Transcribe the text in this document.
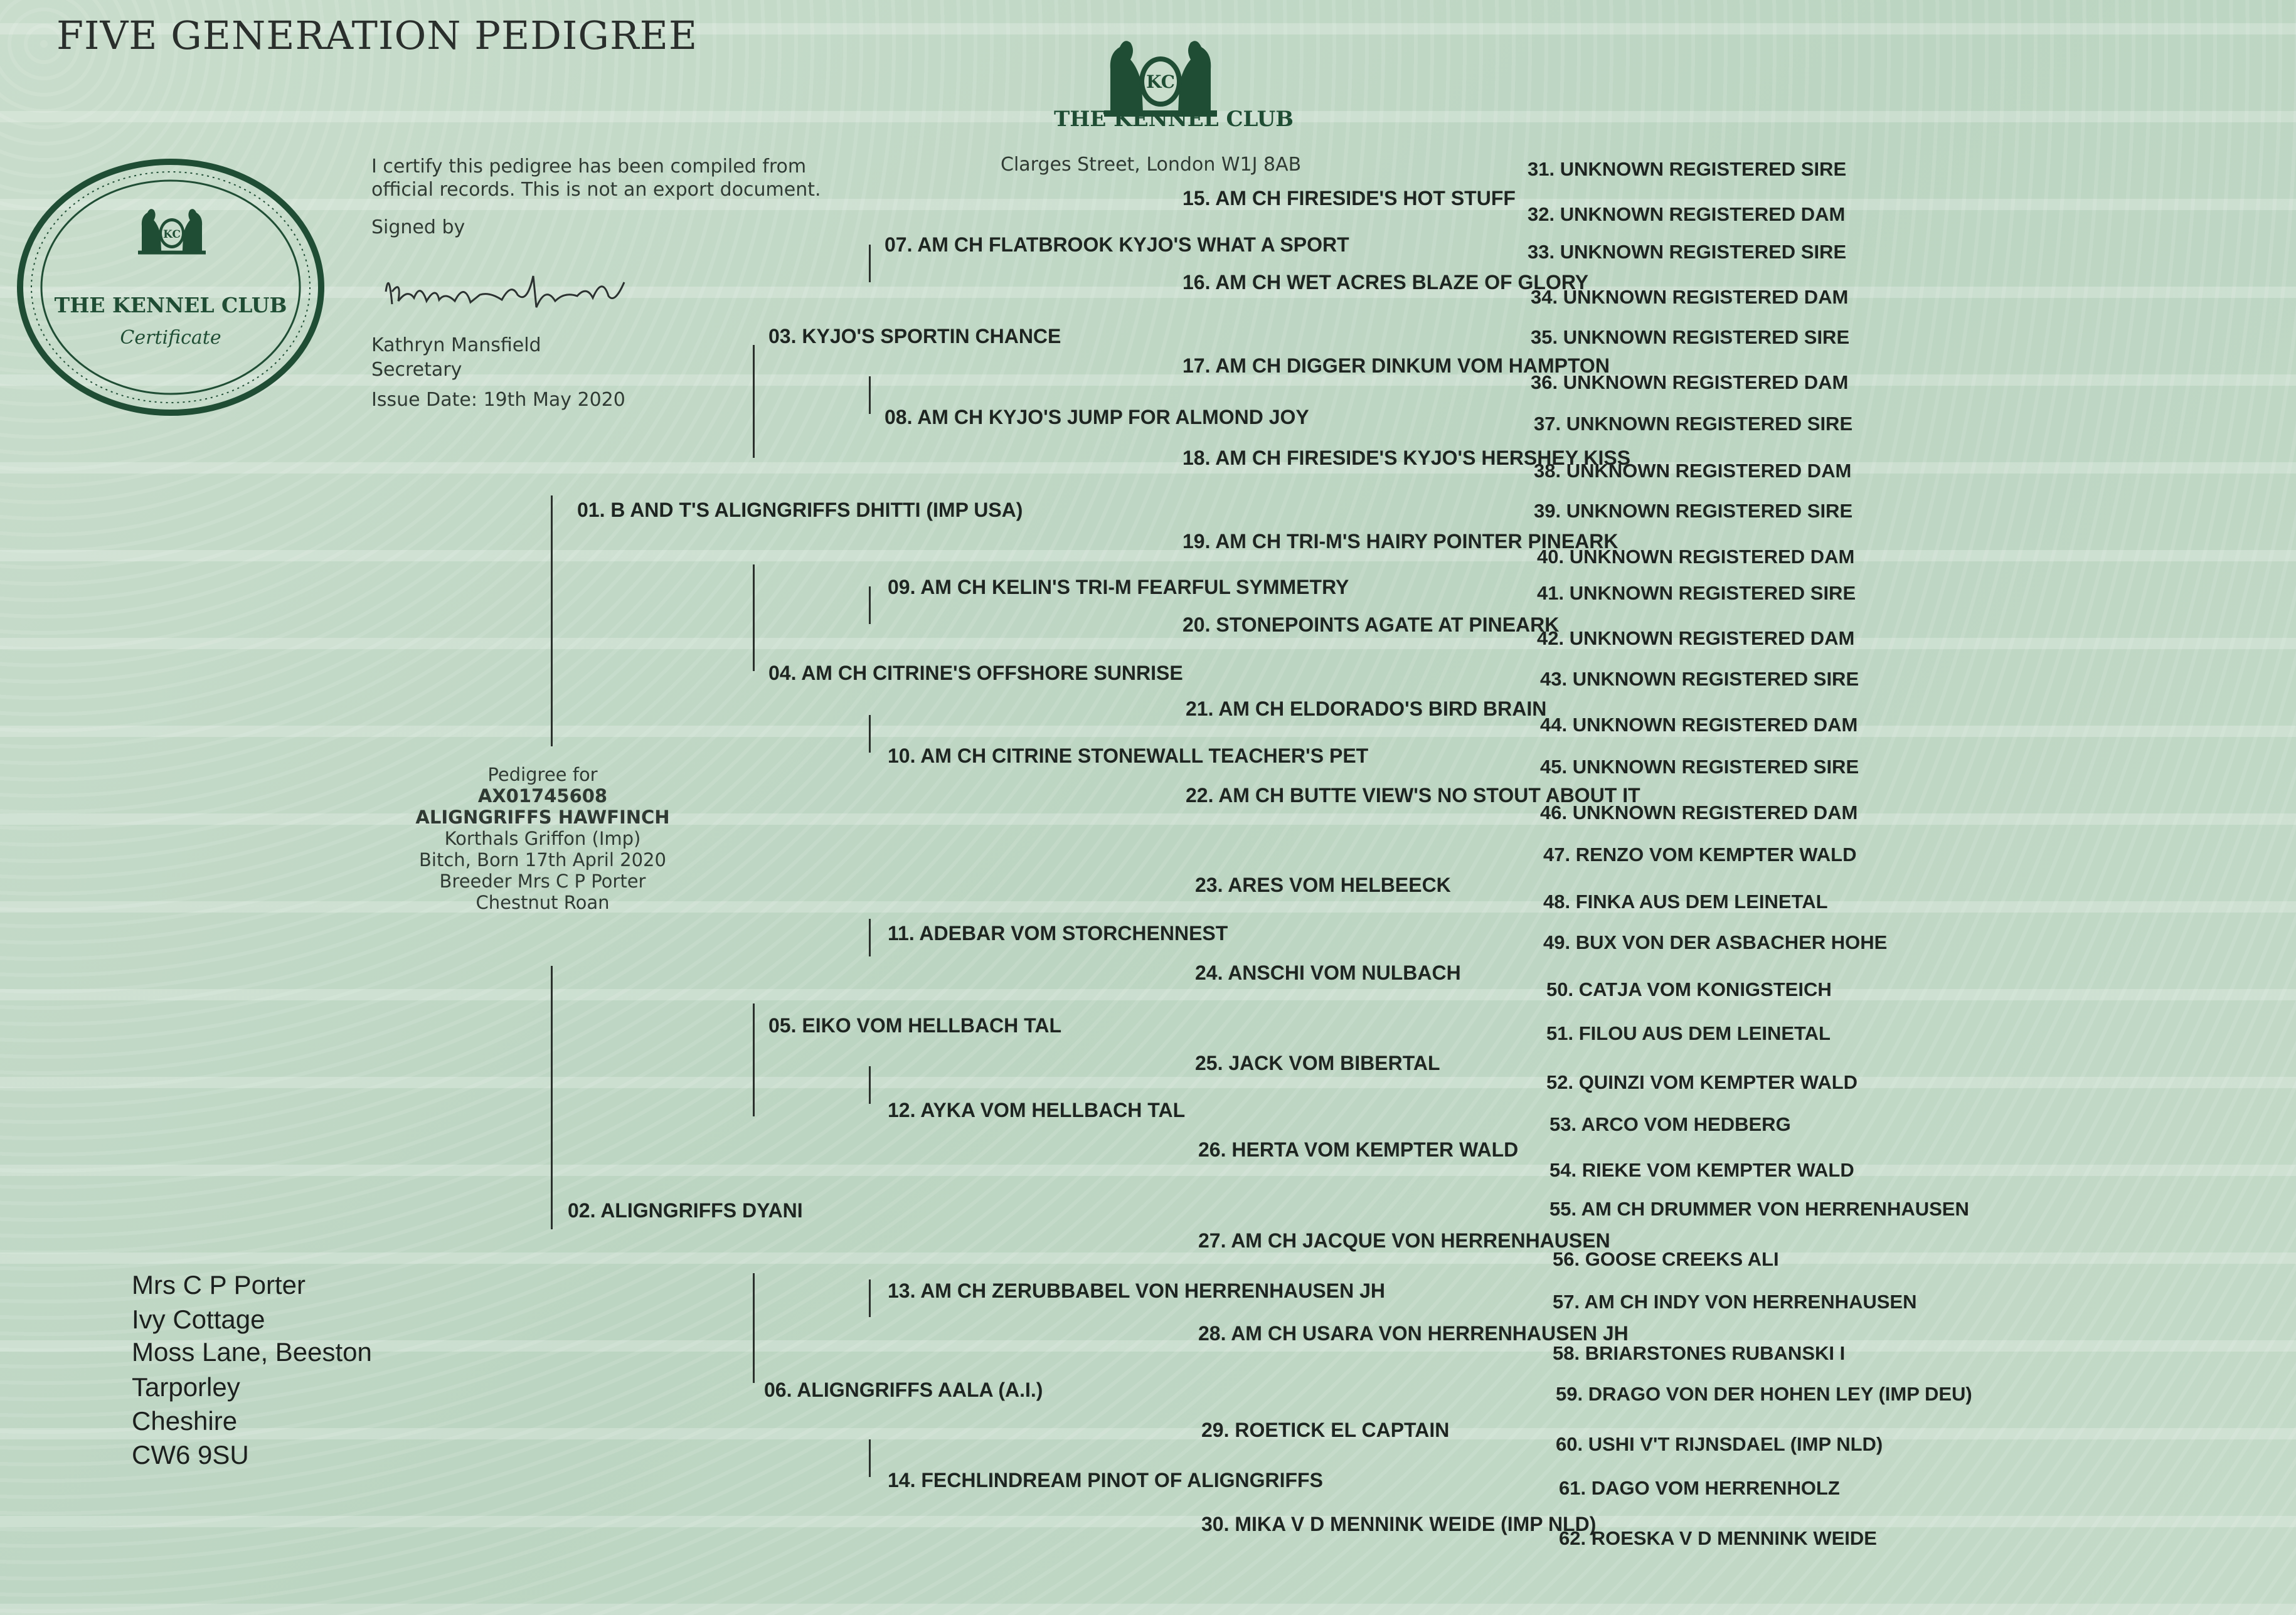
FIVE GENERATION PEDIGREE
KC
THE KENNEL CLUB
Clarges Street, London W1J 8AB
KC
THE KENNEL CLUB
Certificate
I certify this pedigree has been compiled from
official records. This is not an export document.
Signed by
Kathryn Mansfield
Secretary
Issue Date: 19th May 2020
Pedigree for
AX01745608
ALIGNGRIFFS HAWFINCH
Korthals Griffon (Imp)
Bitch, Born 17th April 2020
Breeder Mrs C P Porter
Chestnut Roan
Mrs C P Porter
Ivy Cottage
Moss Lane, Beeston
Tarporley
Cheshire
CW6 9SU
01. B AND T'S ALIGNGRIFFS DHITTI (IMP USA)
02. ALIGNGRIFFS DYANI
03. KYJO'S SPORTIN CHANCE
04. AM CH CITRINE'S OFFSHORE SUNRISE
05. EIKO VOM HELLBACH TAL
06. ALIGNGRIFFS AALA (A.I.)
07. AM CH FLATBROOK KYJO'S WHAT A SPORT
08. AM CH KYJO'S JUMP FOR ALMOND JOY
09. AM CH KELIN'S TRI-M FEARFUL SYMMETRY
10. AM CH CITRINE STONEWALL TEACHER'S PET
11. ADEBAR VOM STORCHENNEST
12. AYKA VOM HELLBACH TAL
13. AM CH ZERUBBABEL VON HERRENHAUSEN JH
14. FECHLINDREAM PINOT OF ALIGNGRIFFS
15. AM CH FIRESIDE'S HOT STUFF
16. AM CH WET ACRES BLAZE OF GLORY
17. AM CH DIGGER DINKUM VOM HAMPTON
18. AM CH FIRESIDE'S KYJO'S HERSHEY KISS
19. AM CH TRI-M'S HAIRY POINTER PINEARK
20. STONEPOINTS AGATE AT PINEARK
21. AM CH ELDORADO'S BIRD BRAIN
22. AM CH BUTTE VIEW'S NO STOUT ABOUT IT
23. ARES VOM HELBEECK
24. ANSCHI VOM NULBACH
25. JACK VOM BIBERTAL
26. HERTA VOM KEMPTER WALD
27. AM CH JACQUE VON HERRENHAUSEN
28. AM CH USARA VON HERRENHAUSEN JH
29. ROETICK EL CAPTAIN
30. MIKA V D MENNINK WEIDE (IMP NLD)
31. UNKNOWN REGISTERED SIRE
32. UNKNOWN REGISTERED DAM
33. UNKNOWN REGISTERED SIRE
34. UNKNOWN REGISTERED DAM
35. UNKNOWN REGISTERED SIRE
36. UNKNOWN REGISTERED DAM
37. UNKNOWN REGISTERED SIRE
38. UNKNOWN REGISTERED DAM
39. UNKNOWN REGISTERED SIRE
40. UNKNOWN REGISTERED DAM
41. UNKNOWN REGISTERED SIRE
42. UNKNOWN REGISTERED DAM
43. UNKNOWN REGISTERED SIRE
44. UNKNOWN REGISTERED DAM
45. UNKNOWN REGISTERED SIRE
46. UNKNOWN REGISTERED DAM
47. RENZO VOM KEMPTER WALD
48. FINKA AUS DEM LEINETAL
49. BUX VON DER ASBACHER HOHE
50. CATJA VOM KONIGSTEICH
51. FILOU AUS DEM LEINETAL
52. QUINZI VOM KEMPTER WALD
53. ARCO VOM HEDBERG
54. RIEKE VOM KEMPTER WALD
55. AM CH DRUMMER VON HERRENHAUSEN
56. GOOSE CREEKS ALI
57. AM CH INDY VON HERRENHAUSEN
58. BRIARSTONES RUBANSKI I
59. DRAGO VON DER HOHEN LEY (IMP DEU)
60. USHI V'T RIJNSDAEL (IMP NLD)
61. DAGO VOM HERRENHOLZ
62. ROESKA V D MENNINK WEIDE
